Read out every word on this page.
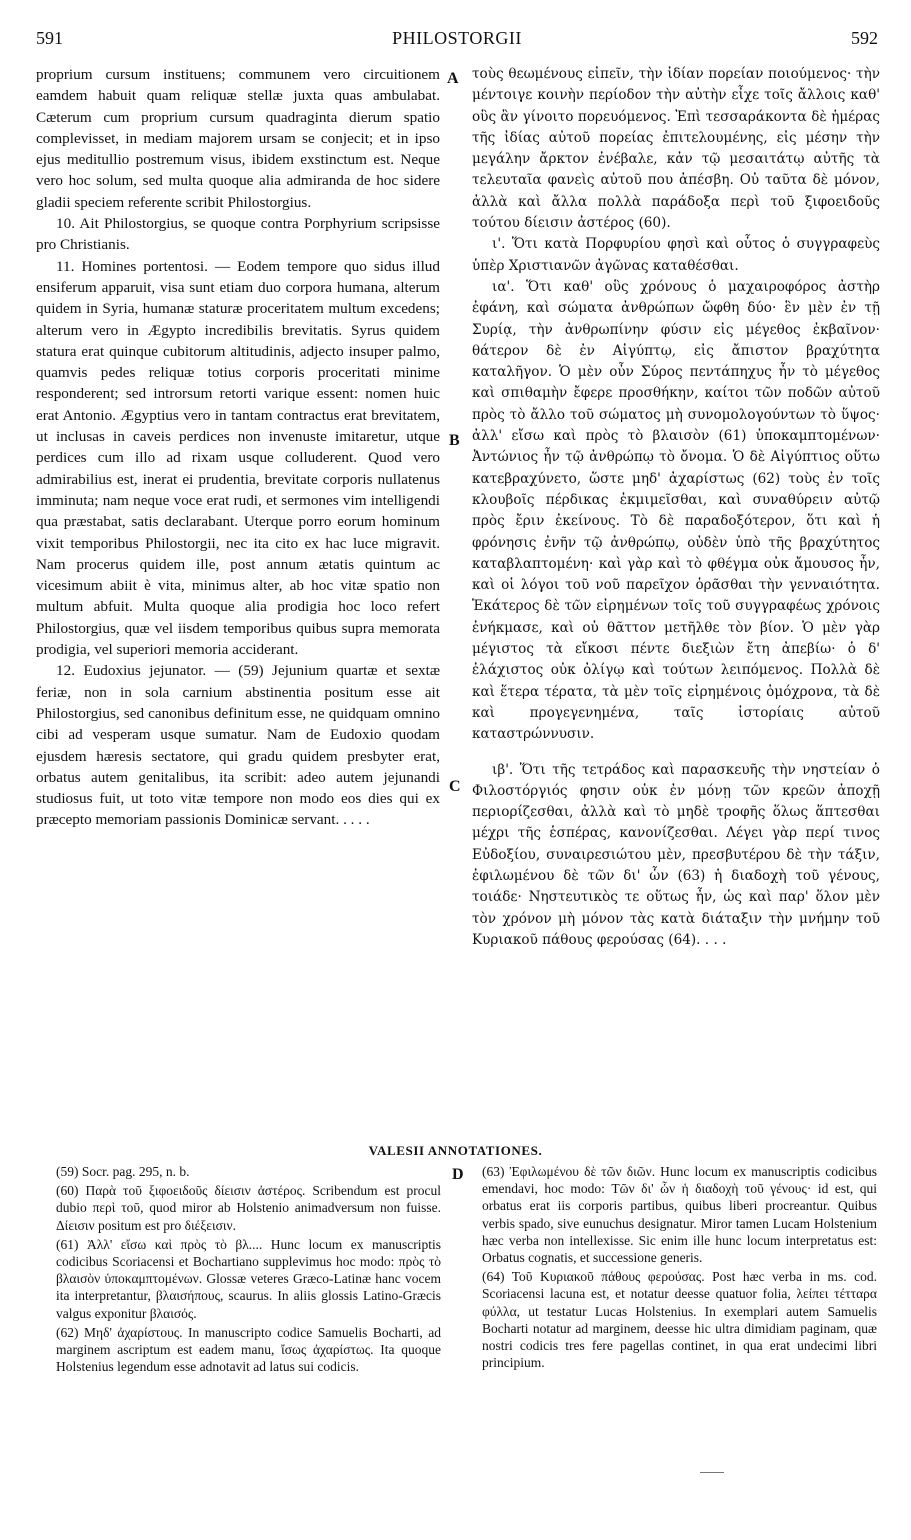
591	PHILOSTORGII	592

proprium cursum instituens; communem vero circuitionem eamdem habuit quam reliquæ stellæ juxta quas ambulabat. Cæterum cum proprium cursum quadraginta dierum spatio complevisset, in mediam majorem ursam se conjecit; et in ipso ejus meditullio postremum visus, ibidem exstinctum est. Neque vero hoc solum, sed multa quoque alia admiranda de hoc sidere gladii speciem referente scribit Philostorgius.

10. Ait Philostorgius, se quoque contra Porphyrium scripsisse pro Christianis.

11. Homines portentosi. — Eodem tempore quo sidus illud ensiferum apparuit, visa sunt etiam duo corpora humana, alterum quidem in Syria, humanæ staturæ proceritatem multum excedens; alterum vero in Ægypto incredibilis brevitatis. Syrus quidem statura erat quinque cubitorum altitudinis, adjecto insuper palmo, quamvis pedes reliquæ totius corporis proceritati minime responderent; sed introrsum retorti varique essent: nomen huic erat Antonio. Ægyptius vero in tantam contractus erat brevitatem, ut inclusas in caveis perdices non invenuste imitaretur, utque perdices cum illo ad rixam usque colluderent. Quod vero admirabilius est, inerat ei prudentia, brevitate corporis nullatenus imminuta; nam neque voce erat rudi, et sermones vim intelligendi qua præstabat, satis declarabant. Uterque porro eorum hominum vixit temporibus Philostorgii, nec ita cito ex hac luce migravit. Nam procerus quidem ille, post annum ætatis quintum ac vicesimum abiit è vita, minimus alter, ab hoc vitæ spatio non multum abfuit. Multa quoque alia prodigia hoc loco refert Philostorgius, quæ vel iisdem temporibus quibus supra memorata prodigia, vel superiori memoria acciderant.

12. Eudoxius jejunator. — (59) Jejunium quartæ et sextæ feriæ, non in sola carnium abstinentia positum esse ait Philostorgius, sed canonibus definitum esse, ne quidquam omnino cibi ad vesperam usque sumatur. Nam de Eudoxio quodam ejusdem hæresis sectatore, qui gradu quidem presbyter erat, orbatus autem genitalibus, ita scribit: adeo autem jejunandi studiosus fuit, ut toto vitæ tempore non modo eos dies qui ex præcepto memoriam passionis Dominicæ servant. . . . .

A
B
C
D

τοὺς θεωμένους εἰπεῖν, τὴν ἰδίαν πορείαν ποιούμενος· τὴν μέντοιγε κοινὴν περίοδον τὴν αὐτὴν εἶχε τοῖς ἄλλοις καθ' οὓς ἂν γίνοιτο πορευόμενος. Ἐπὶ τεσσαράκοντα δὲ ἡμέρας τῆς ἰδίας αὐτοῦ πορείας ἐπιτελουμένης, εἰς μέσην τὴν μεγάλην ἄρκτον ἐνέβαλε, κἀν τῷ μεσαιτάτῳ αὐτῆς τὰ τελευταῖα φανεὶς αὐτοῦ που ἀπέσβη. Οὐ ταῦτα δὲ μόνον, ἀλλὰ καὶ ἄλλα πολλὰ παράδοξα περὶ τοῦ ξιφοειδοῦς τούτου δίεισιν ἀστέρος (60).

ι'. Ὅτι κατὰ Πορφυρίου φησὶ καὶ οὗτος ὁ συγγραφεὺς ὑπὲρ Χριστιανῶν ἀγῶνας καταθέσθαι.

ια'. Ὅτι καθ' οὓς χρόνους ὁ μαχαιροφόρος ἀστὴρ ἐφάνη, καὶ σώματα ἀνθρώπων ὤφθη δύο· ἓν μὲν ἐν τῇ Συρίᾳ, τὴν ἀνθρωπίνην φύσιν εἰς μέγεθος ἐκβαῖνον· θάτερον δὲ ἐν Αἰγύπτῳ, εἰς ἄπιστον βραχύτητα καταλῆγον. Ὁ μὲν οὖν Σύρος πεντάπηχυς ἦν τὸ μέγεθος καὶ σπιθαμὴν ἔφερε προσθήκην, καίτοι τῶν ποδῶν αὐτοῦ πρὸς τὸ ἄλλο τοῦ σώματος μὴ συνομολογούντων τὸ ὕψος· ἀλλ' εἴσω καὶ πρὸς τὸ βλαισὸν (61) ὑποκαμπτομένων· Ἀντώνιος ἦν τῷ ἀνθρώπῳ τὸ ὄνομα. Ὁ δὲ Αἰγύπτιος οὕτω κατεβραχύνετο, ὥστε μηδ' ἀχαρίστως (62) τοὺς ἐν τοῖς κλουβοῖς πέρδικας ἐκμιμεῖσθαι, καὶ συναθύρειν αὐτῷ πρὸς ἔριν ἐκείνους. Τὸ δὲ παραδοξότερον, ὅτι καὶ ἡ φρόνησις ἐνῆν τῷ ἀνθρώπῳ, οὐδὲν ὑπὸ τῆς βραχύτητος καταβλαπτομένη· καὶ γὰρ καὶ τὸ φθέγμα οὐκ ἄμουσος ἦν, καὶ οἱ λόγοι τοῦ νοῦ παρεῖχον ὁρᾶσθαι τὴν γενναιότητα. Ἑκάτερος δὲ τῶν εἰρημένων τοῖς τοῦ συγγραφέως χρόνοις ἐνήκμασε, καὶ οὐ θᾶττον μετῆλθε τὸν βίον. Ὁ μὲν γὰρ μέγιστος τὰ εἴκοσι πέντε διεξιὼν ἔτη ἀπεβίω· ὁ δ' ἐλάχιστος οὐκ ὀλίγῳ καὶ τούτων λειπόμενος. Πολλὰ δὲ καὶ ἕτερα τέρατα, τὰ μὲν τοῖς εἰρημένοις ὁμόχρονα, τὰ δὲ καὶ προγεγενημένα, ταῖς ἱστορίαις αὐτοῦ καταστρώννυσιν.

ιβ'. Ὅτι τῆς τετράδος καὶ παρασκευῆς τὴν νηστείαν ὁ Φιλοστόργιός φησιν οὐκ ἐν μόνῃ τῶν κρεῶν ἀποχῇ περιορίζεσθαι, ἀλλὰ καὶ τὸ μηδὲ τροφῆς ὅλως ἅπτεσθαι μέχρι τῆς ἑσπέρας, κανονίζεσθαι. Λέγει γὰρ περί τινος Εὐδοξίου, συναιρεσιώτου μὲν, πρεσβυτέρου δὲ τὴν τάξιν, ἐφιλωμένου δὲ τῶν δι' ὧν (63) ἡ διαδοχὴ τοῦ γένους, τοιάδε· Νηστευτικὸς τε οὕτως ἦν, ὡς καὶ παρ' ὅλον μὲν τὸν χρόνον μὴ μόνον τὰς κατὰ διάταξιν τὴν μνήμην τοῦ Κυριακοῦ πάθους φερούσας (64). . . .

VALESII ANNOTATIONES.

(59) Socr. pag. 295, n. b.

(60) Παρὰ τοῦ ξιφοειδοῦς δίεισιν ἀστέρος. Scribendum est procul dubio περὶ τοῦ, quod miror ab Holstenio animadversum non fuisse. Δίεισιν positum est pro διέξεισιν.

(61) Ἀλλ' εἴσω καὶ πρὸς τὸ βλ.... Hunc locum ex manuscriptis codicibus Scoriacensi et Bochartiano supplevimus hoc modo: πρὸς τὸ βλαισὸν ὑποκαμπτομένων. Glossæ veteres Græco-Latinæ hanc vocem ita interpretantur, βλαισήπους, scaurus. In aliis glossis Latino-Græcis valgus exponitur βλαισός.

(62) Μηδ' ἀχαρίστους. In manuscripto codice Samuelis Bocharti, ad marginem ascriptum est eadem manu, ἴσως ἀχαρίστως. Ita quoque Holstenius legendum esse adnotavit ad latus sui codicis.

(63) Ἐφιλωμένου δὲ τῶν διῶν. Hunc locum ex manuscriptis codicibus emendavi, hoc modo: Τῶν δι' ὧν ἡ διαδοχὴ τοῦ γένους· id est, qui orbatus erat iis corporis partibus, quibus liberi procreantur. Quibus verbis spado, sive eunuchus designatur. Miror tamen Lucam Holstenium hæc verba non intellexisse. Sic enim ille hunc locum interpretatus est: Orbatus cognatis, et successione generis.

(64) Τοῦ Κυριακοῦ πάθους φερούσας. Post hæc verba in ms. cod. Scoriacensi lacuna est, et notatur deesse quatuor folia, λείπει τέτταρα φύλλα, ut testatur Lucas Holstenius. In exemplari autem Samuelis Bocharti notatur ad marginem, deesse hic ultra dimidiam paginam, quæ nostri codicis tres fere pagellas continet, in qua erat undecimi libri principium.
